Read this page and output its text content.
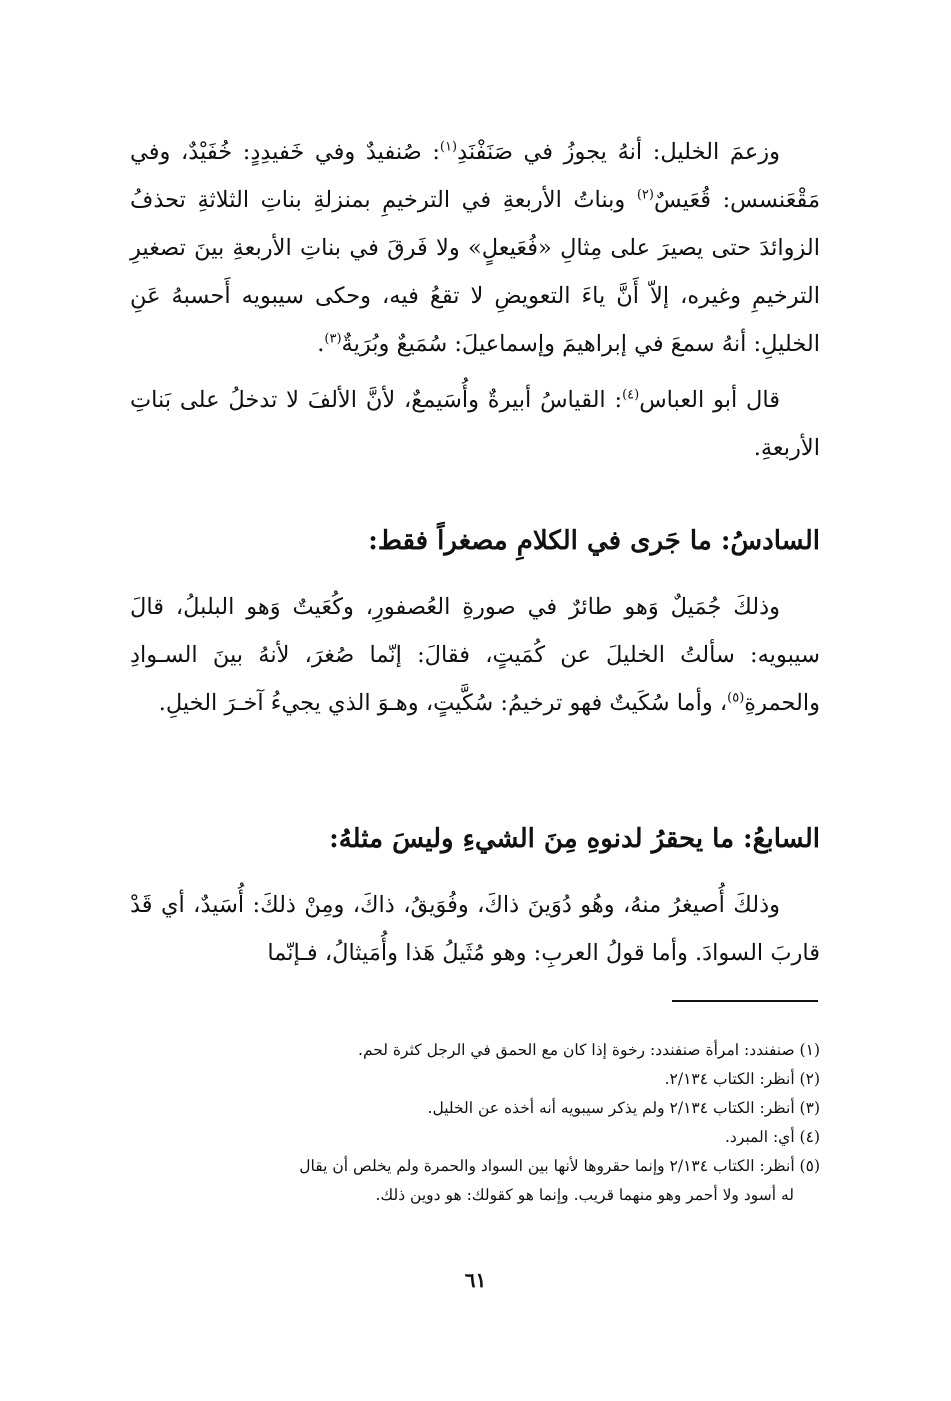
وزعمَ الخليل: أنهُ يجوزُ في صَنَفْنَدِ$^{(١)}$: صُنفيدٌ وفي خَفيدِدٍ: خُفَيْدٌ، وفي مَقْعَنسس: قُعَيسٌ$^{(٢)}$ وبناتُ الأربعةِ في الترخيمِ بمنزلةِ بناتِ الثلاثةِ تحذفُ الزوائدَ حتى يصيرَ على مِثالِ «فُعَيعلٍ» ولا فَرقَ في بناتِ الأربعةِ بينَ تصغيرِ الترخيمِ وغيره، إلاّ أَنَّ ياءَ التعويضِ لا تقعُ فيه، وحكى سيبويه أَحسبهُ عَنِ الخليلِ: أنهُ سمعَ في إبراهيمَ وإسماعيلَ: سُمَيعٌ وبُرَيةٌ$^{(٣)}$.

قال أبو العباس$^{(٤)}$: القياسُ أبيرةٌ وأُسَيمعٌ، لأنَّ الألفَ لا تدخلُ على بَناتِ الأربعةِ.

السادسُ: ما جَرى في الكلامِ مصغراً فقط:

وذلكَ جُمَيلٌ وَهو طائرٌ في صورةِ العُصفورِ، وكُعَيتٌ وَهو البلبلُ، قالَ سيبويه: سألتُ الخليلَ عن كُمَيتٍ، فقالَ: إنّما صُغرَ، لأنهُ بينَ السـوادِ والحمرةِ$^{(٥)}$، وأما سُكَيتٌ فهو ترخيمُ: سُكَّيتٍ، وهـوَ الذي يجيءُ آخـرَ الخيلِ.

السابعُ: ما يحقرُ لدنوهِ مِنَ الشيءِ وليسَ مثلهُ:

وذلكَ أُصيغرُ منهُ، وهُو دُوَينَ ذاكَ، وفُوَيقُ، ذاكَ، ومِنْ ذلكَ: أُسَيدٌ، أي قَدْ قاربَ السوادَ. وأما قولُ العربِ: وهو مُثَيلُ هَذا وأُمَيثالُ، فـإنّما

(١) صنفندد: امرأة صنفندد: رخوة إذا كان مع الحمق في الرجل كثرة لحم.

(٢) أنظر: الكتاب ٢/١٣٤.

(٣) أنظر: الكتاب ٢/١٣٤ ولم يذكر سيبويه أنه أخذه عن الخليل.

(٤) أي: المبرد.

(٥) أنظر: الكتاب ٢/١٣٤ وإنما حقروها لأنها بين السواد والحمرة ولم يخلص أن يقال

له أسود ولا أحمر وهو منهما قريب. وإنما هو كقولك: هو دوين ذلك.

٦١
